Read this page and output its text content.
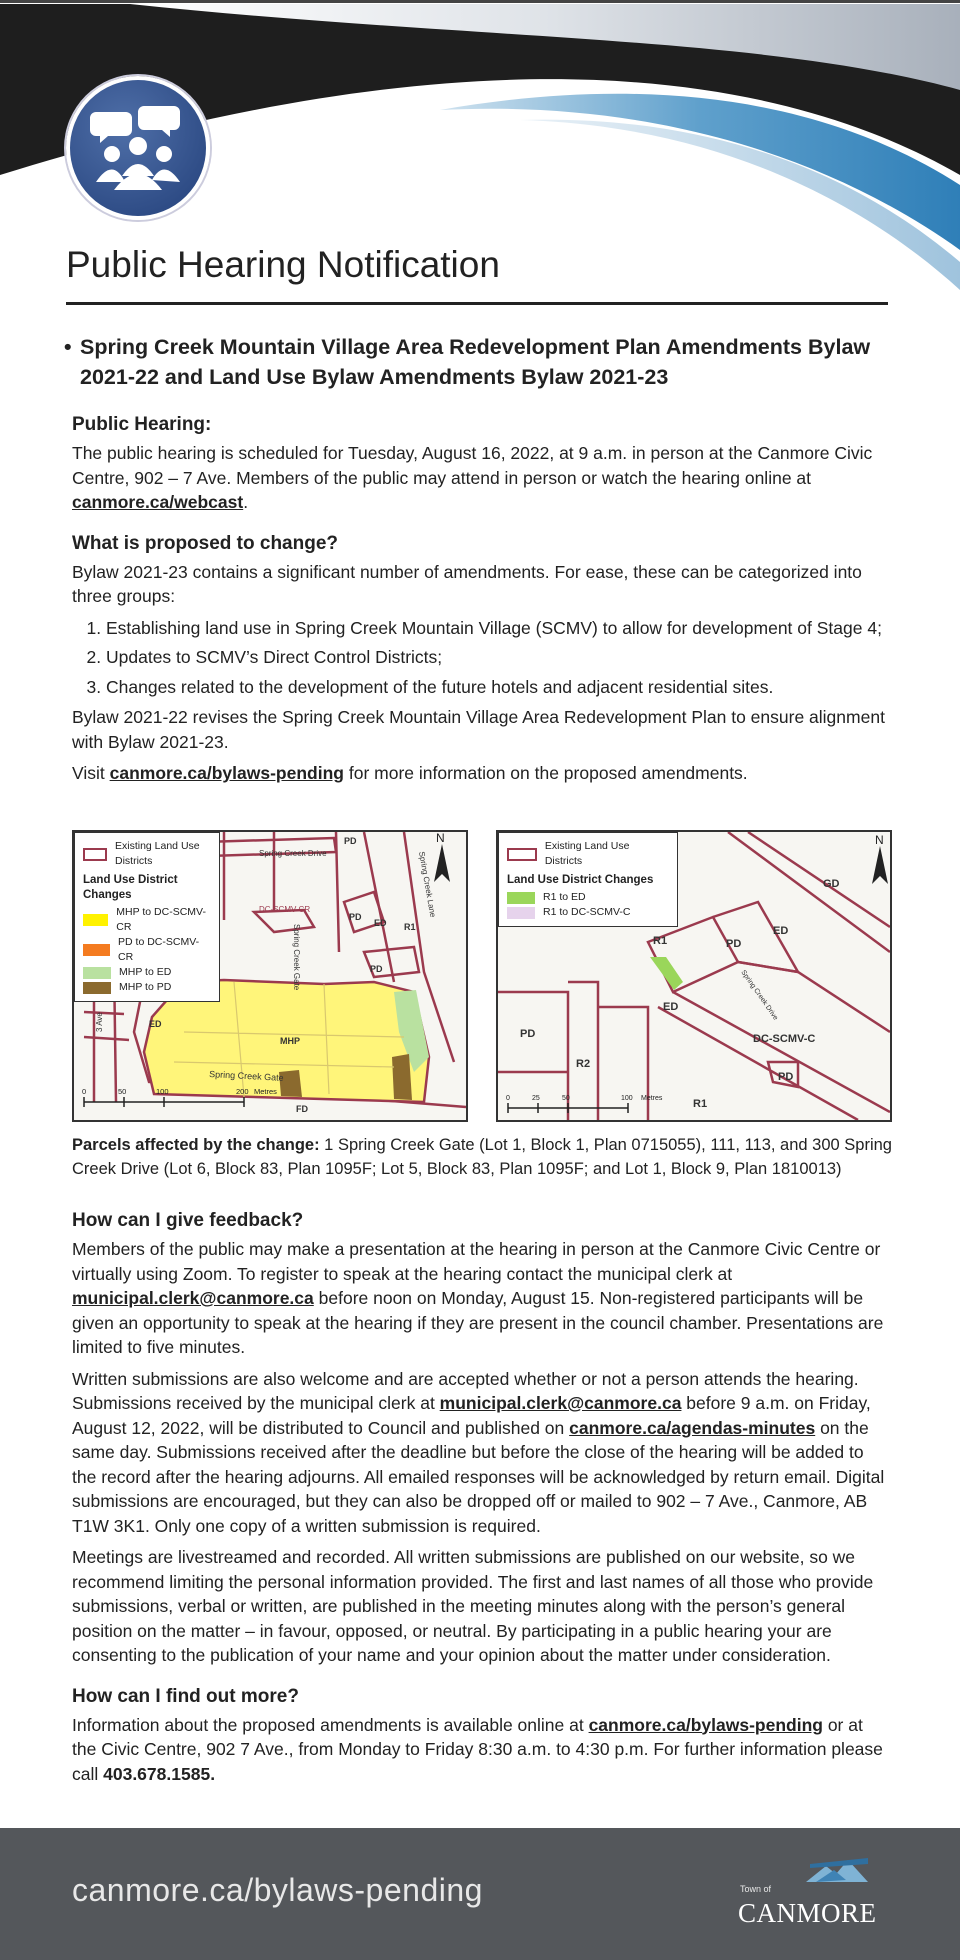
Public Hearing Notification
• Spring Creek Mountain Village Area Redevelopment Plan Amendments Bylaw 2021-22 and Land Use Bylaw Amendments Bylaw 2021-23
Public Hearing:

The public hearing is scheduled for Tuesday, August 16, 2022, at 9 a.m. in person at the Canmore Civic Centre, 902 – 7 Ave. Members of the public may attend in person or watch the hearing online at canmore.ca/webcast.

What is proposed to change?

Bylaw 2021-23 contains a significant number of amendments. For ease, these can be categorized into three groups:

1. Establishing land use in Spring Creek Mountain Village (SCMV) to allow for development of Stage 4;
2. Updates to SCMV’s Direct Control Districts;
3. Changes related to the development of the future hotels and adjacent residential sites.

Bylaw 2021-22 revises the Spring Creek Mountain Village Area Redevelopment Plan to ensure alignment with Bylaw 2021-23.

Visit canmore.ca/bylaws-pending for more information on the proposed amendments.

N
Spring Creek Drive
DC-SCMV-CR
Spring Creek Gate
Spring Creek Lane
Spring Creek Gate
3 Ave
PD
PD
ED R1
PD
ED
MHP
FD
0	50	100	200 Metres
Existing Land Use Districts
Land Use District Changes
MHP to DC-SCMV-CR
PD to DC-SCMV-CR
MHP to ED
MHP to PD
N
GD
ED
PD
R1
ED
DC-SCMV-C
PD
PD
R2
R1
Spring Creek Drive
0	25	50	100 Metres
Existing Land Use Districts
Land Use District Changes
R1 to ED
R1 to DC-SCMV-C
Parcels affected by the change: 1 Spring Creek Gate (Lot 1, Block 1, Plan 0715055), 111, 113, and 300 Spring Creek Drive (Lot 6, Block 83, Plan 1095F; Lot 5, Block 83, Plan 1095F; and Lot 1, Block 9, Plan 1810013)
How can I give feedback?

Members of the public may make a presentation at the hearing in person at the Canmore Civic Centre or virtually using Zoom. To register to speak at the hearing contact the municipal clerk at municipal.clerk@canmore.ca before noon on Monday, August 15. Non-registered participants will be given an opportunity to speak at the hearing if they are present in the council chamber. Presentations are limited to five minutes.

Written submissions are also welcome and are accepted whether or not a person attends the hearing. Submissions received by the municipal clerk at municipal.clerk@canmore.ca before 9 a.m. on Friday, August 12, 2022, will be distributed to Council and published on canmore.ca/agendas-minutes on the same day. Submissions received after the deadline but before the close of the hearing will be added to the record after the hearing adjourns. All emailed responses will be acknowledged by return email. Digital submissions are encouraged, but they can also be dropped off or mailed to 902 – 7 Ave., Canmore, AB T1W 3K1. Only one copy of a written submission is required.

Meetings are livestreamed and recorded. All written submissions are published on our website, so we recommend limiting the personal information provided. The first and last names of all those who provide submissions, verbal or written, are published in the meeting minutes along with the person’s general position on the matter – in favour, opposed, or neutral. By participating in a public hearing your are consenting to the publication of your name and your opinion about the matter under consideration.

How can I find out more?

Information about the proposed amendments is available online at canmore.ca/bylaws-pending or at the Civic Centre, 902 7 Ave., from Monday to Friday 8:30 a.m. to 4:30 p.m. For further information please call 403.678.1585.

canmore.ca/bylaws-pending	Town of
CANMORE
